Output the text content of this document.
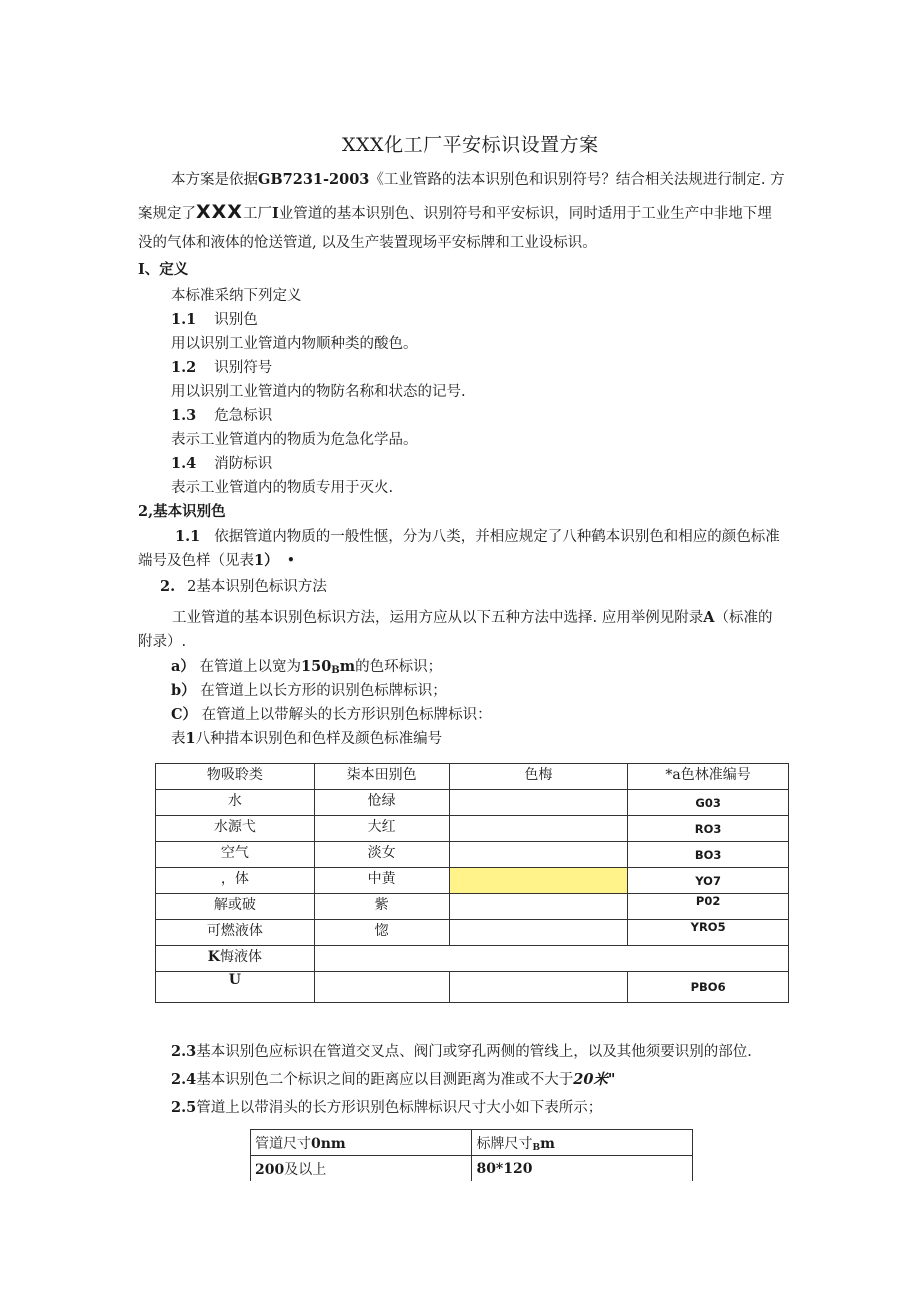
XXX化工厂平安标识设置方案
本方案是依据GB7231-2003《工业管路的法本识别色和识别符号？结合相关法规进行制定. 方
案规定了XXX工厂I业管道的基本识别色、识别符号和平安标识，同时适用于工业生产中非地下埋
没的气体和液体的怆送管道, 以及生产装置现场平安标牌和工业设标识。
I、定义
本标准采纳下列定义
1.1 识别色
用以识别工业管道内物顺种类的酸色。
1.2 识别符号
用以识别工业管道内的物防名称和状态的记号.
1.3 危急标识
表示工业管道内的物质为危急化学品。
1.4 消防标识
表示工业管道内的物质专用于灭火.
2,基本识别色
1.1 依据管道内物质的一般性惬，分为八类，并相应规定了八种鹤本识别色和相应的颜色标准
端号及色样（见表1） •
2. 2基本识别色标识方法
工业管道的基本识别色标识方法，运用方应从以下五种方法中选择. 应用举例见附录A（标准的
附录）.
a） 在管道上以宽为150Bm的色环标识；
b） 在管道上以长方形的识别色标牌标识；
C） 在管道上以带解头的长方形识别色标牌标识：
表1八种措本识别色和色样及颜色标准编号
物吸聆类	柒本田别色	色梅	*a色林准编号
水	怆绿		G03
水源弋	大红		RO3
空气	淡女		BO3
，体	中黄		YO7
解或破	紫		P02
可燃液体	惚		YRO5
K悔液体			
U			PBO6
2.3基本识别色应标识在管道交叉点、阀门或穿孔两侧的管线上，以及其他须要识别的部位.
2.4基本识别色二个标识之间的距离应以目测距离为准或不大于20米"
2.5管道上以带涓头的长方形识别色标牌标识尺寸大小如下表所示；
管道尺寸0nm	标牌尺寸Bm
200及以上	80*120
